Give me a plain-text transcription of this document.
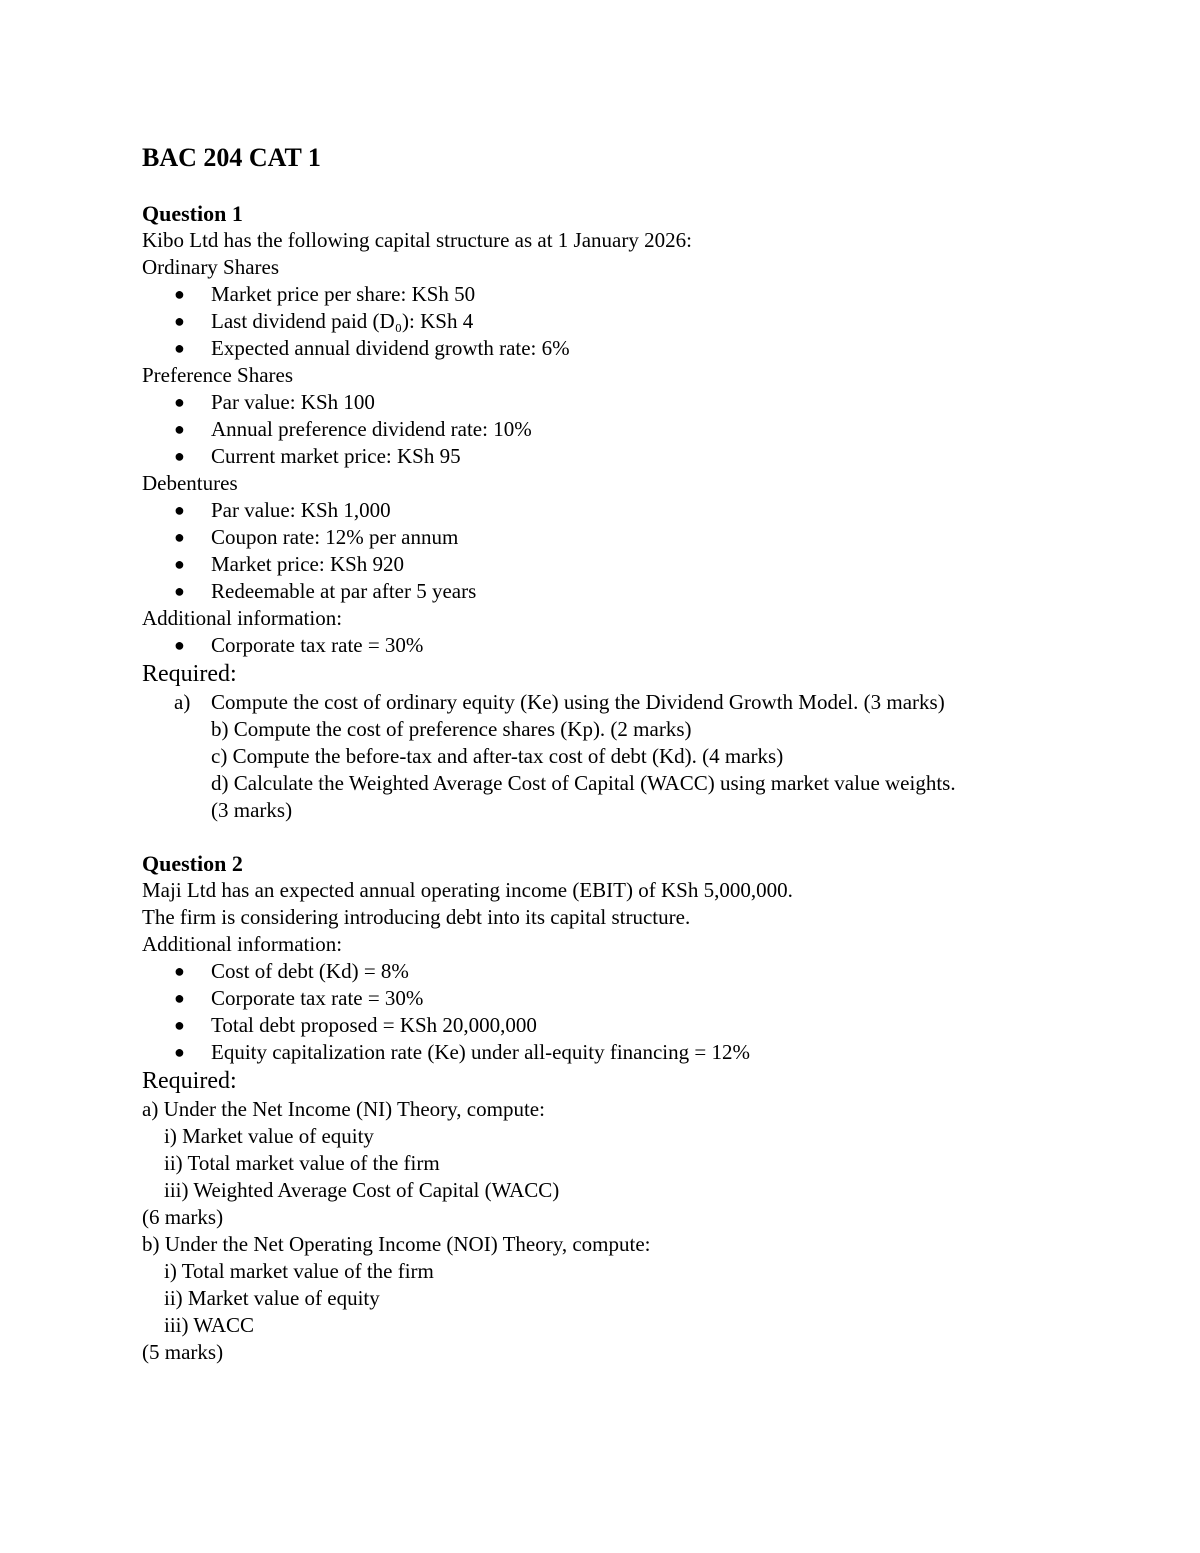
BAC 204 CAT 1
Question 1
Kibo Ltd has the following capital structure as at 1 January 2026:
Ordinary Shares
● Market price per share: KSh 50
● Last dividend paid (D₀): KSh 4
● Expected annual dividend growth rate: 6%
Preference Shares
● Par value: KSh 100
● Annual preference dividend rate: 10%
● Current market price: KSh 95
Debentures
● Par value: KSh 1,000
● Coupon rate: 12% per annum
● Market price: KSh 920
● Redeemable at par after 5 years
Additional information:
● Corporate tax rate = 30%
Required:
a) Compute the cost of ordinary equity (Ke) using the Dividend Growth Model. (3 marks)
b) Compute the cost of preference shares (Kp). (2 marks)
c) Compute the before-tax and after-tax cost of debt (Kd). (4 marks)
d) Calculate the Weighted Average Cost of Capital (WACC) using market value weights.
(3 marks)
Question 2
Maji Ltd has an expected annual operating income (EBIT) of KSh 5,000,000.
The firm is considering introducing debt into its capital structure.
Additional information:
● Cost of debt (Kd) = 8%
● Corporate tax rate = 30%
● Total debt proposed = KSh 20,000,000
● Equity capitalization rate (Ke) under all-equity financing = 12%
Required:
a) Under the Net Income (NI) Theory, compute:
i) Market value of equity
ii) Total market value of the firm
iii) Weighted Average Cost of Capital (WACC)
(6 marks)
b) Under the Net Operating Income (NOI) Theory, compute:
i) Total market value of the firm
ii) Market value of equity
iii) WACC
(5 marks)
